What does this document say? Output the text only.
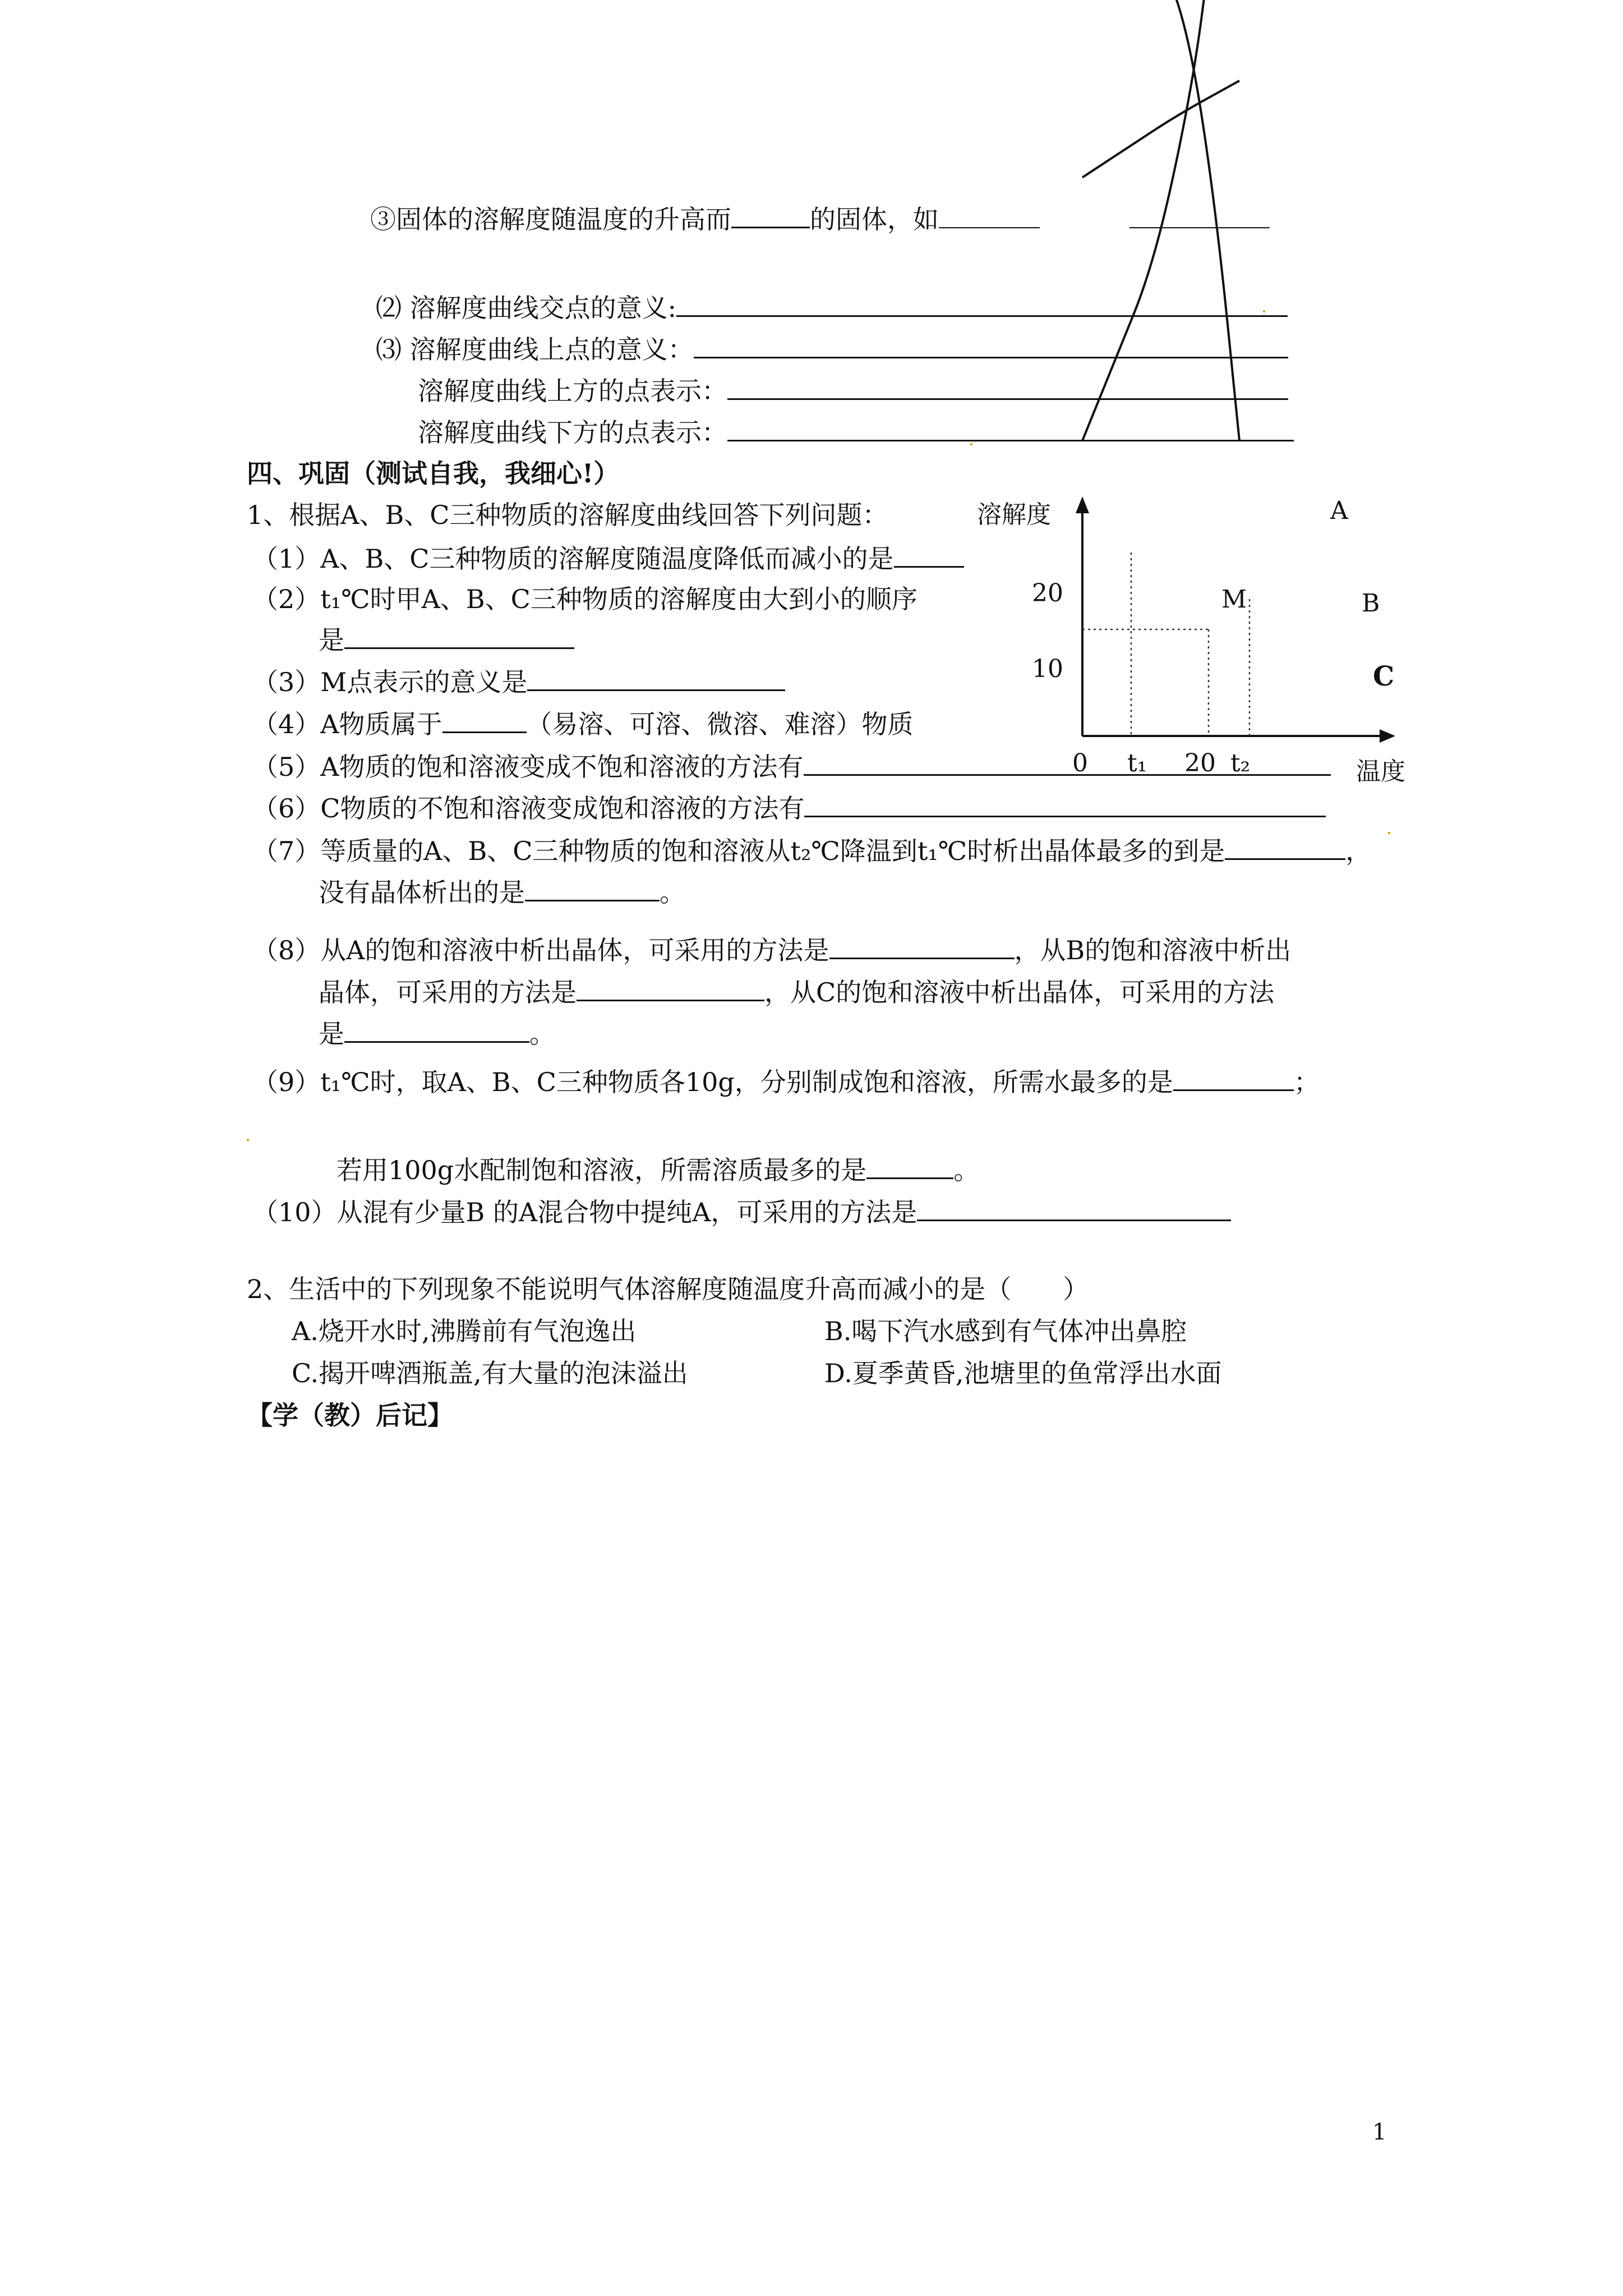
③固体的溶解度随温度的升高而	的固体，如
⑵ 溶解度曲线交点的意义:
⑶ 溶解度曲线上点的意义：
溶解度曲线上方的点表示：
溶解度曲线下方的点表示：
四、巩固（测试自我，我细心!）
1、根据A、B、C三种物质的溶解度曲线回答下列问题：
（1）A、B、C三种物质的溶解度随温度降低而减小的是
（2）t₁℃时甲A、B、C三种物质的溶解度由大到小的顺序
是
（3）M点表示的意义是
（4）A物质属于	（易溶、可溶、微溶、难溶）物质
（5）A物质的饱和溶液变成不饱和溶液的方法有
（6）C物质的不饱和溶液变成饱和溶液的方法有
（7）等质量的A、B、C三种物质的饱和溶液从t₂℃降温到t₁℃时析出晶体最多的到是	，
没有晶体析出的是	。
（8）从A的饱和溶液中析出晶体，可采用的方法是	，从B的饱和溶液中析出
晶体，可采用的方法是	，从C的饱和溶液中析出晶体，可采用的方法
是	。
（9）t₁℃时，取A、B、C三种物质各10g，分别制成饱和溶液，所需水最多的是	；
若用100g水配制饱和溶液，所需溶质最多的是	。
（10）从混有少量B 的A混合物中提纯A，可采用的方法是
2、生活中的下列现象不能说明气体溶解度随温度升高而减小的是（　　）
A.烧开水时,沸腾前有气泡逸出	B.喝下汽水感到有气体冲出鼻腔
C.揭开啤酒瓶盖,有大量的泡沫溢出	D.夏季黄昏,池塘里的鱼常浮出水面
【学（教）后记】
1
溶解度
温度
0 t₁ 20 t₂
20
10
A
B
C
M
